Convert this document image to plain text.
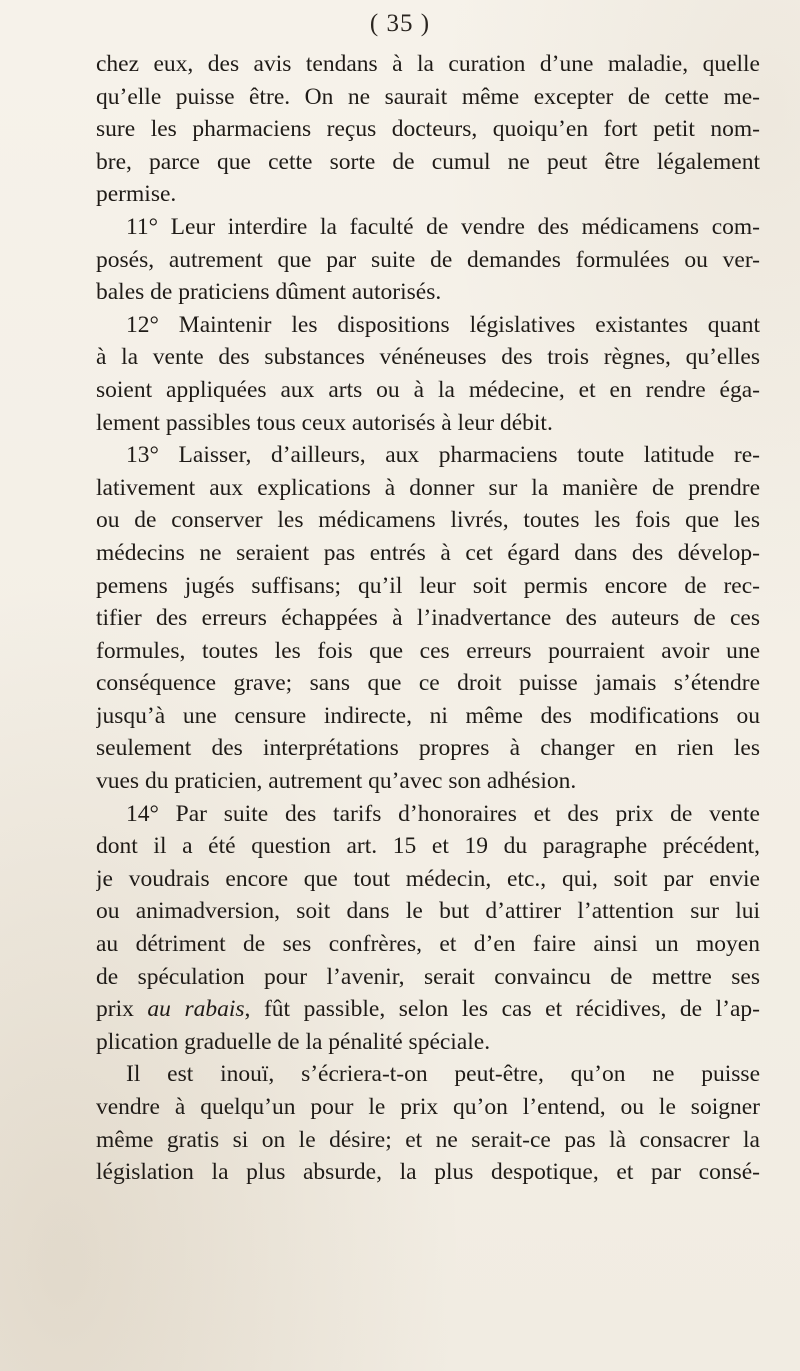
( 35 )
chez eux, des avis tendans à la curation d’une maladie, quelle
qu’elle puisse être. On ne saurait même excepter de cette me-
sure les pharmaciens reçus docteurs, quoiqu’en fort petit nom-
bre, parce que cette sorte de cumul ne peut être légalement
permise.
11° Leur interdire la faculté de vendre des médicamens com-
posés, autrement que par suite de demandes formulées ou ver-
bales de praticiens dûment autorisés.
12° Maintenir les dispositions législatives existantes quant
à la vente des substances vénéneuses des trois règnes, qu’elles
soient appliquées aux arts ou à la médecine, et en rendre éga-
lement passibles tous ceux autorisés à leur débit.
13° Laisser, d’ailleurs, aux pharmaciens toute latitude re-
lativement aux explications à donner sur la manière de prendre
ou de conserver les médicamens livrés, toutes les fois que les
médecins ne seraient pas entrés à cet égard dans des dévelop-
pemens jugés suffisans; qu’il leur soit permis encore de rec-
tifier des erreurs échappées à l’inadvertance des auteurs de ces
formules, toutes les fois que ces erreurs pourraient avoir une
conséquence grave; sans que ce droit puisse jamais s’étendre
jusqu’à une censure indirecte, ni même des modifications ou
seulement des interprétations propres à changer en rien les
vues du praticien, autrement qu’avec son adhésion.
14° Par suite des tarifs d’honoraires et des prix de vente
dont il a été question art. 15 et 19 du paragraphe précédent,
je voudrais encore que tout médecin, etc., qui, soit par envie
ou animadversion, soit dans le but d’attirer l’attention sur lui
au détriment de ses confrères, et d’en faire ainsi un moyen
de spéculation pour l’avenir, serait convaincu de mettre ses
prix au rabais, fût passible, selon les cas et récidives, de l’ap-
plication graduelle de la pénalité spéciale.
Il est inouï, s’écriera-t-on peut-être, qu’on ne puisse
vendre à quelqu’un pour le prix qu’on l’entend, ou le soigner
même gratis si on le désire; et ne serait-ce pas là consacrer la
législation la plus absurde, la plus despotique, et par consé-
